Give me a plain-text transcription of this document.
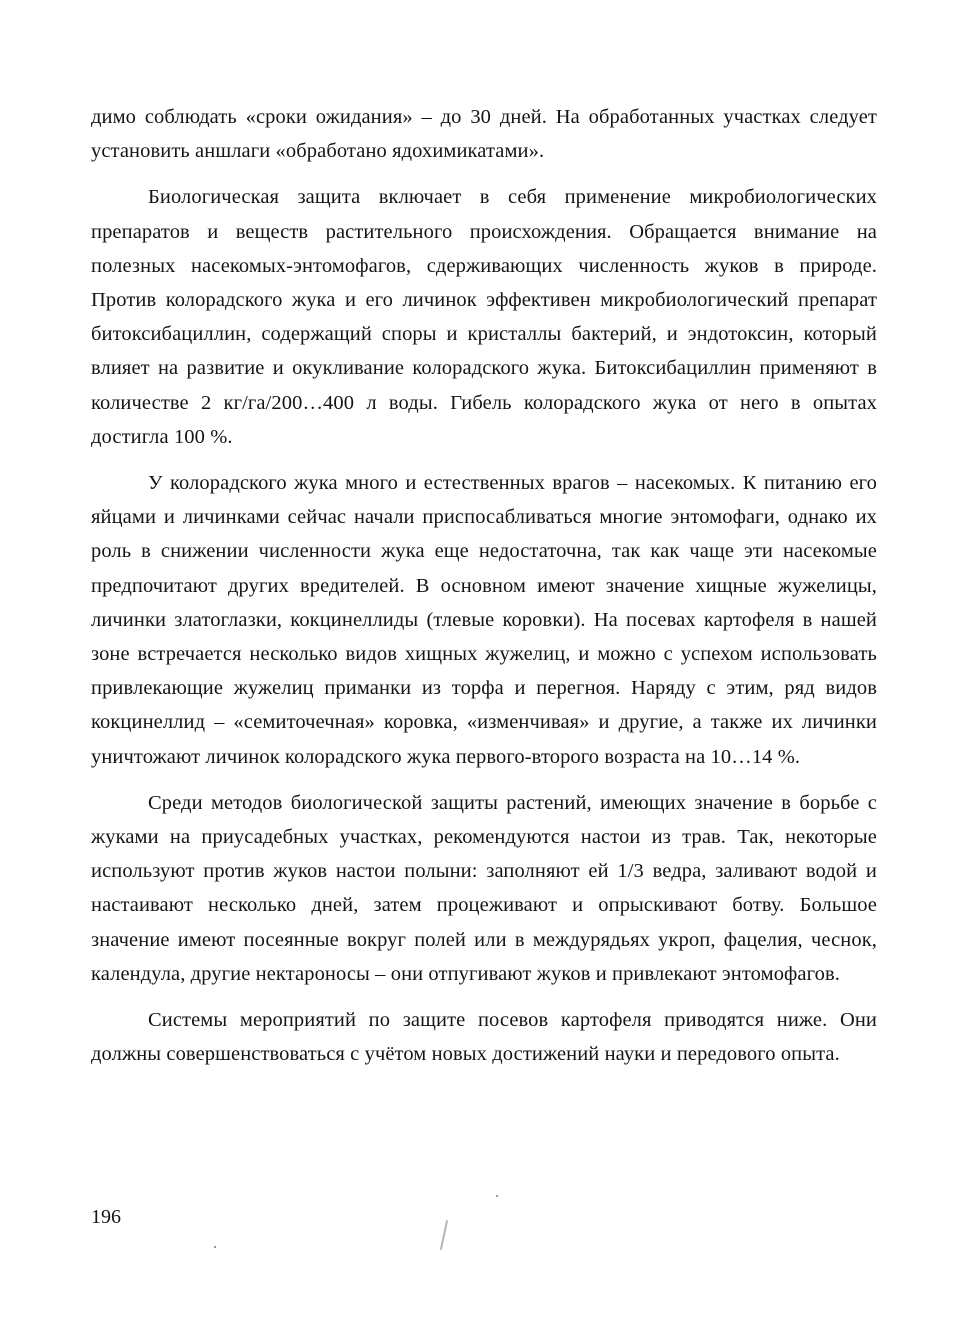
димо соблюдать «сроки ожидания» – до 30 дней. На обработанных участках следует установить аншлаги «обработано ядохимикатами».

Биологическая защита включает в себя применение микробиологических препаратов и веществ растительного происхождения. Обращается внимание на полезных насекомых-энтомофагов, сдерживающих численность жуков в природе. Против колорадского жука и его личинок эффективен микробиологический препарат битоксибациллин, содержащий споры и кристаллы бактерий, и эндотоксин, который влияет на развитие и окукливание колорадского жука. Битоксибациллин применяют в количестве 2 кг/га/200…400 л воды. Гибель колорадского жука от него в опытах достигла 100 %.

У колорадского жука много и естественных врагов – насекомых. К питанию его яйцами и личинками сейчас начали приспосабливаться многие энтомофаги, однако их роль в снижении численности жука еще недостаточна, так как чаще эти насекомые предпочитают других вредителей. В основном имеют значение хищные жужелицы, личинки златоглазки, кокцинеллиды (тлевые коровки). На посевах картофеля в нашей зоне встречается несколько видов хищных жужелиц, и можно с успехом использовать привлекающие жужелиц приманки из торфа и перегноя. Наряду с этим, ряд видов кокцинеллид – «семиточечная» коровка, «изменчивая» и другие, а также их личинки уничтожают личинок колорадского жука первого-второго возраста на 10…14 %.

Среди методов биологической защиты растений, имеющих значение в борьбе с жуками на приусадебных участках, рекомендуются настои из трав. Так, некоторые используют против жуков настои полыни: заполняют ей 1/3 ведра, заливают водой и настаивают несколько дней, затем процеживают и опрыскивают ботву. Большое значение имеют посеянные вокруг полей или в междурядьях укроп, фацелия, чеснок, календула, другие нектароносы – они отпугивают жуков и привлекают энтомофагов.

Системы мероприятий по защите посевов картофеля приводятся ниже. Они должны совершенствоваться с учётом новых достижений науки и передового опыта.

196
